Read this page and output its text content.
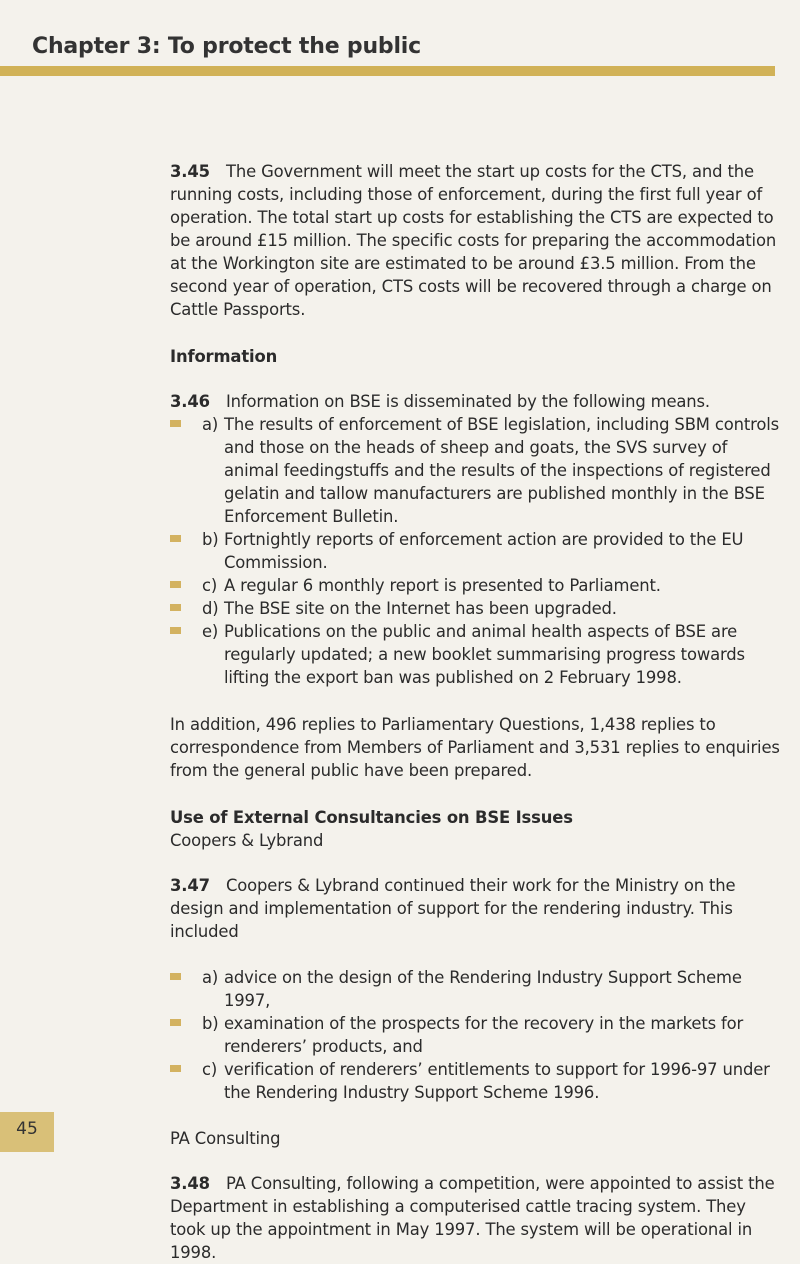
Chapter 3: To protect the public

3.45 The Government will meet the start up costs for the CTS, and the running costs, including those of enforcement, during the first full year of operation. The total start up costs for establishing the CTS are expected to be around £15 million. The specific costs for preparing the accommodation at the Workington site are estimated to be around £3.5 million. From the second year of operation, CTS costs will be recovered through a charge on Cattle Passports.

Information

3.46 Information on BSE is disseminated by the following means.

a) The results of enforcement of BSE legislation, including SBM controls and those on the heads of sheep and goats, the SVS survey of animal feedingstuffs and the results of the inspections of registered gelatin and tallow manufacturers are published monthly in the BSE Enforcement Bulletin.
b) Fortnightly reports of enforcement action are provided to the EU Commission.
c) A regular 6 monthly report is presented to Parliament.
d) The BSE site on the Internet has been upgraded.
e) Publications on the public and animal health aspects of BSE are regularly updated; a new booklet summarising progress towards lifting the export ban was published on 2 February 1998.

In addition, 496 replies to Parliamentary Questions, 1,438 replies to correspondence from Members of Parliament and 3,531 replies to enquiries from the general public have been prepared.

Use of External Consultancies on BSE Issues

Coopers & Lybrand

3.47 Coopers & Lybrand continued their work for the Ministry on the design and implementation of support for the rendering industry. This included

a) advice on the design of the Rendering Industry Support Scheme 1997,
b) examination of the prospects for the recovery in the markets for renderers’ products, and
c) verification of renderers’ entitlements to support for 1996-97 under the Rendering Industry Support Scheme 1996.

PA Consulting

3.48 PA Consulting, following a competition, were appointed to assist the Department in establishing a computerised cattle tracing system. They took up the appointment in May 1997. The system will be operational in 1998.

45
